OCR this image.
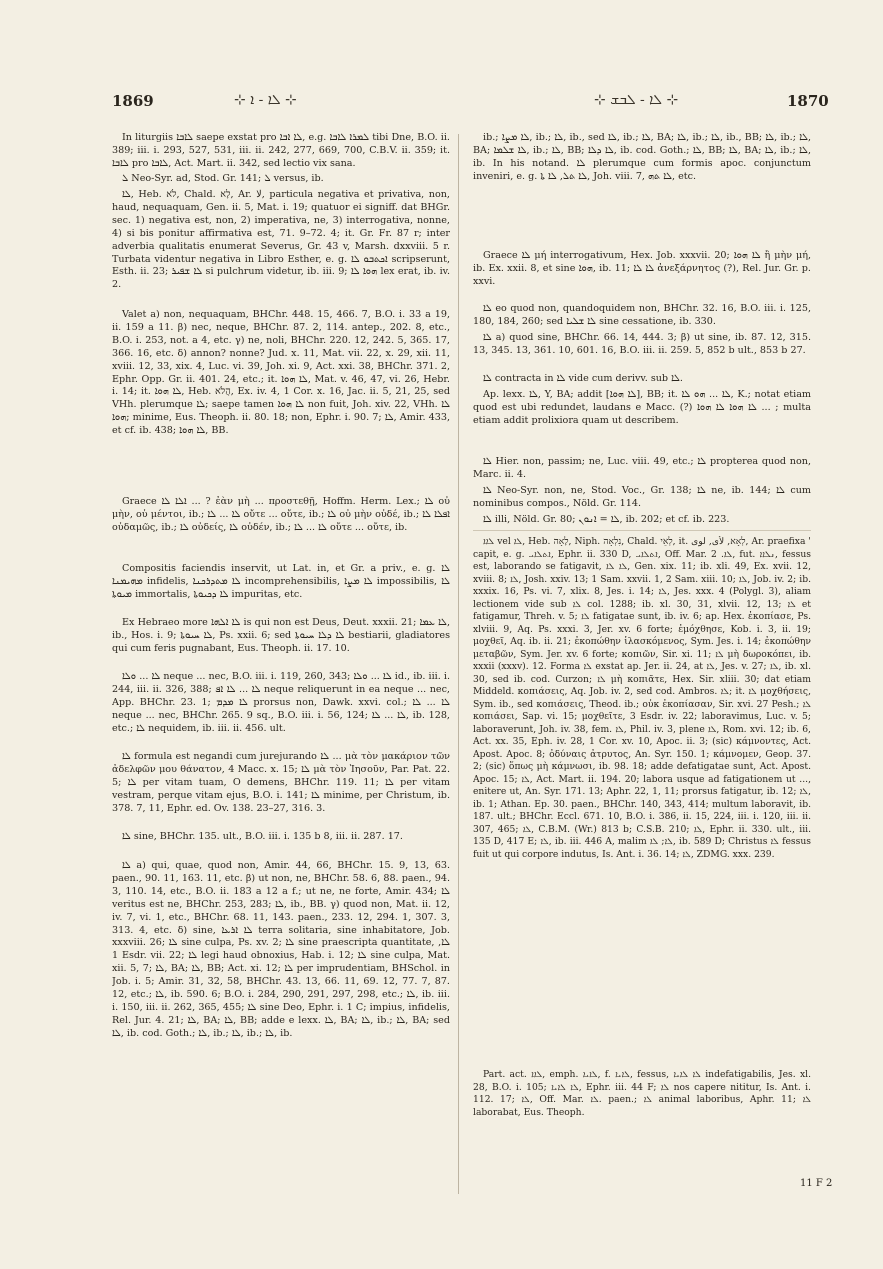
1869	⊹ ܠܐ - ܐ ⊹	⊹ ܠܐ - ܠܒܫ ⊹	1870

In liturgiis ܠܐܒܐ saepe exstat pro ܠܐ ܐܒܐ, e.g. ܠܡܪܐ ܠܐܒܐ tibi Dne, B.O. ii. 389; iii. i. 293, 527, 531, iii. ii. 242, 277, 669, 700, C.B.V. ii. 359; it. ܠܐܒܐ pro ܠܐܒܐ, Act. Mart. ii. 342, sed lectio vix sana.

ܠ Neo-Syr. ad, Stod. Gr. 141; ܠ versus, ib.

ܠܐ, Heb. לֹא, Chald. לָא, Ar. لا, particula negativa et privativa, non, haud, nequaquam, Gen. ii. 5, Mat. i. 19; quatuor ei signiff. dat BHGr. sec. 1) negativa est, non, 2) imperativa, ne, 3) interrogativa, nonne, 4) si bis ponitur affirmativa est, 71. 9–72. 4; it. Gr. Fr. 87 r; inter adverbia qualitatis enumerat Severus, Gr. 43 v, Marsh. dxxviii. 5 r. Turbata videntur negativa in Libro Esther, e. g. ܐܟܬܒܘ ܠܐ scripserunt, Esth. ii. 23; ܠܐ ܫܦܝܪ si pulchrum videtur, ib. iii. 9; ܗܘܐ ܠܐ lex erat, ib. iv. 2.

Valet a) non, nequaquam, BHChr. 448. 15, 466. 7, B.O. i. 33 a 19, ii. 159 a 11. β) nec, neque, BHChr. 87. 2, 114. antep., 202. 8, etc., B.O. i. 253, not. a 4, etc. γ) ne, noli, BHChr. 220. 12, 242. 5, 365. 17, 366. 16, etc. δ) annon? nonne? Jud. x. 11, Mat. vii. 22, x. 29, xii. 11, xviii. 12, 33, xix. 4, Luc. vi. 39, Joh. xi. 9, Act. xxi. 38, BHChr. 371. 2, Ephr. Opp. Gr. ii. 401. 24, etc.; it. ܠܐ ܗܘܐ, Mat. v. 46, 47, vi. 26, Hebr. i. 14; it. ܠܐ ܗܘܐ, Heb. הֲלֹא, Ex. iv. 4, 1 Cor. x. 16, Jac. ii. 5, 21, 25, sed VHh. plerumque ܠܐ; saepe tamen ܠܐ ܗܘܐ non fuit, Joh. xiv. 22, VHh. ܠܐ ܗܘܐ; minime, Eus. Theoph. ii. 80. 18; non, Ephr. i. 90. 7; ܠܐ, Amir. 433, et cf. ib. 438; ܠܐ ܗܘܐ, BB.

Graece ܐܠܐ ܠܐ ... ? ἐὰν μὴ ... προστεθῇ, Hoffm. Herm. Lex.; ܠܐ οὐ μὴν, οὐ μέντοι, ib.; ܠܐ ... ܠܐ οὔτε ... οὔτε, ib.; ܠܐ οὐ μὴν οὐδέ, ib.; ܐܦܠܐ ܠܐ οὐδαμῶς, ib.; ܠܐ οὐδείς, ܠܐ οὐδέν, ib.; ܠܐ ... ܠܐ οὔτε ... οὔτε, ib.

Compositis faciendis inservit, ut Lat. in, et Gr. a priv., e. g. ܠܐ ܡܗܝܡܢܐ infidelis, ܠܐ ܡܬܕܪܟܢܐ incomprehensibilis, ܠܐ ܡܨܐ impossibilis, ܠܐ ܡܝܘܬܐ immortalis, ܠܐ ܕܟܝܘܬܐ impuritas, etc.

Ex Hebraeo more ܠܐ ܐܠܗܐ is qui non est Deus, Deut. xxxii. 21; ܠܐ ܥܡܐ, ib., Hos. i. 9; ܠܐ ܚܝܘܬܐ, Ps. xxii. 6; sed ܠܐ ܕܠܐ ܚܝܘܬܐ bestiarii, gladiatores qui cum feris pugnabant, Eus. Theoph. ii. 17. 10.

ܠܐ ... ܘܠܐ neque ... nec, B.O. iii. i. 119, 260, 343; ܠܐ ... ܘܠܐ id., ib. iii. i. 244, iii. ii. 326, 388; ܠܐ ... ܠܐ ܐܦ neque reliquerunt in ea neque ... nec, App. BHChr. 23. 1; ܠܐ ܡܕܡ prorsus non, Dawk. xxvi. col.; ܠܐ ... ܠܐ neque ... nec, BHChr. 265. 9 sq., B.O. iii. i. 56, 124; ܠܐ ... ܠܐ, ib. 128, etc.; ܠܐ nequidem, ib. iii. ii. 456. ult.

ܠܐ formula est negandi cum jurejurando ܠܐ ... μὰ τὸν μακάριον τῶν ἀδελφῶν μου θάνατον, 4 Macc. x. 15; ܠܐ μὰ τὸν Ἰησοῦν, Par. Pat. 22. 5; ܠܐ per vitam tuam, O demens, BHChr. 119. 11; ܠܐ per vitam vestram, perque vitam ejus, B.O. i. 141; ܠܐ minime, per Christum, ib. 378. 7, 11, Ephr. ed. Ov. 138. 23–27, 316. 3.

ܠܐ sine, BHChr. 135. ult., B.O. iii. i. 135 b 8, iii. ii. 287. 17.

ܠܐ a) qui, quae, quod non, Amir. 44, 66, BHChr. 15. 9, 13, 63. paen., 90. 11, 163. 11, etc. β) ut non, ne, BHChr. 58. 6, 88. paen., 94. 3, 110. 14, etc., B.O. ii. 183 a 12 a f.; ut ne, ne forte, Amir. 434; ܠܐ veritus est ne, BHChr. 253, 283; ܠܐ, ib., BB. γ) quod non, Mat. ii. 12, iv. 7, vi. 1, etc., BHChr. 68. 11, 143. paen., 233. 12, 294. 1, 307. 3, 313. 4, etc. δ) sine, ܠܐ ܐܪܥܐ terra solitaria, sine inhabitatore, Job. xxxviii. 26; ܠܐ sine culpa, Ps. xv. 2; ܠܐ sine praescripta quantitate, ܠܐ, 1 Esdr. vii. 22; ܠܐ legi haud obnoxius, Hab. i. 12; ܠܐ sine culpa, Mat. xii. 5, 7; ܠܐ, BA; ܠܐ, BB; Act. xi. 12; ܠܐ per imprudentiam, BHSchol. in Job. i. 5; Amir. 31, 32, 58, BHChr. 43. 13, 66. 11, 69. 12, 77. 7, 87. 12, etc.; ܠܐ, ib. 590. 6; B.O. i. 284, 290, 291, 297, 298, etc.; ܠܐ, ib. iii. i. 150, iii. ii. 262, 365, 455; ܠܐ sine Deo, Ephr. i. 1 C; impius, infidelis, Rel. Jur. 4. 21; ܠܐ, BA; ܠܐ, BB; adde e lexx. ܠܐ, BA; ܠܐ, ib.; ܠܐ, BA; sed ܠܐ, ib. cod. Goth.; ܠܐ, ib.; ܠܐ, ib.; ܠܐ, ib.

ib.; ܠܐ ܡܨܐ, ib.; ܠܐ, ib., sed ܠܐ, ib.; ܠܐ, BA; ܠܐ, ib.; ܠܐ, ib., BB; ܠܐ, ib.; ܠܐ, BA; ܠܐ ܫܠܡܐ, ib.; ܠܐ, BB; ܠܐ ܕܠܐ, ib. cod. Goth.; ܠܐ, BB; ܠܐ, BA; ܠܐ, ib.; ܠܐ, ib. In his notand. ܠܐ plerumque cum formis apoc. conjunctum inveniri, e. g. ܠܐ ܬܠ, ܠܐ ܬܐ, Joh. viii. 7, ܠܐ ܬܗ, etc.

Graece ܠܐ μή interrogativum, Hex. Job. xxxvii. 20; ܠܐ ܗܘܐ ἢ μὴν μή, ib. Ex. xxii. 8, et sine ܗܘܐ, ib. 11; ܠܐ ܠܐ ἀνεξάρνητος (?), Rel. Jur. Gr. p. xxvi.

ܠܐ eo quod non, quandoquidem non, BHChr. 32. 16, B.O. iii. i. 125, 180, 184, 260; sed ܠܐ ܫܠܝܐ sine cessatione, ib. 330.

ܠܐ a) quod sine, BHChr. 66. 14, 444. 3; β) ut sine, ib. 87. 12, 315. 13, 345. 13, 361. 10, 601. 16, B.O. iii. ii. 259. 5, 852 b ult., 853 b 27.

ܠܐ contracta in ܠܐ vide cum derivv. sub ܠܐ.

Ap. lexx. ܠܐ, Y, BA; addit [ܠܐ ܗܘܐ], BB; it. ܠܐ ... ܗܘ ܠܐ, K.; notat etiam quod est ubi redundet, laudans e Macc. (?) ܠܐ ܗܘܐ ܠܐ ܗܘܐ ... ; multa etiam addit prolixiora quam ut describem.

ܠܐ Hier. non, passim; ne, Luc. viii. 49, etc.; ܠܐ propterea quod non, Marc. ii. 4.

ܠܐ Neo-Syr. non, ne, Stod. Voc., Gr. 138; ܠܐ ne, ib. 144; ܠܐ cum nominibus compos., Nöld. Gr. 114.

ܠܐ illi, Nöld. Gr. 80; ܠܐ = ܐܢܘܢ, ib. 202; et cf. ib. 223.

ܠܐܐ vel ܠܐ, Heb. לָאָה, Niph. נִלְאָה, Chald. לְאֵי, it. לְאָא, لأى, لوى, Ar. praefixa ' capit, e. g. ܐܬܠܐܝ, Ephr. ii. 330 D, ܐܬܠܐܝ, Off. Mar. ܠܐ. 2, fut. ܢܠܐܐ, fessus est, laborando se fatigavit, ܠܐ ܠܐ, Gen. xix. 11; ib. xli. 49, Ex. xvii. 12, xviii. 8; ܠܐ, Josh. xxiv. 13; 1 Sam. xxvii. 1, 2 Sam. xiii. 10; ܠܐ, Job. iv. 2; ib. xxxix. 16, Ps. vi. 7, xlix. 8, Jes. i. 14; ܠܐ, Jes. xxx. 4 (Polygl. 3), aliam lectionem vide sub ܠܐ col. 1288; ib. xl. 30, 31, xlvii. 12, 13; ܠܐ et fatigamur, Threh. v. 5; ܠܐ fatigatae sunt, ib. iv. 6; ap. Hex. ἐκοπίασε, Ps. xlviii. 9, Aq. Ps. xxxi. 3, Jer. xv. 6 forte; ἐμόχθησε, Kob. i. 3, ii. 19; μοχθεῖ, Aq. ib. ii. 21; ἐκοπώθην ἱλασκόμενος, Sym. Jes. i. 14; ἐκοπώθην μεταβῶν, Sym. Jer. xv. 6 forte; κοπιῶν, Sir. xi. 11; ܠܐ μὴ δωροκόπει, ib. xxxii (xxxv). 12. Forma ܠܐ exstat ap. Jer. ii. 24, at ܠܐ, Jes. v. 27; ܠܐ, ib. xl. 30, sed ib. cod. Curzon; ܠܐ μὴ κοπιᾶτε, Hex. Sir. xliii. 30; dat etiam Middeld. κοπιάσεις, Aq. Job. iv. 2, sed cod. Ambros. ܠܐ; it. ܠܐ μοχθήσεις, Sym. ib., sed κοπιάσεις, Theod. ib.; οὐκ ἐκοπίασαν, Sir. xvi. 27 Pesh.; ܠܐ κοπιάσει, Sap. vi. 15; μοχθεῖτε, 3 Esdr. iv. 22; laboravimus, Luc. v. 5; laboraverunt, Joh. iv. 38, fem. ܠܐ, Phil. iv. 3, plene ܠܐ, Rom. xvi. 12; ib. 6, Act. xx. 35, Eph. iv. 28, 1 Cor. xv. 10, Apoc. ii. 3; (sic) κάμνοντες, Act. Apost. Apoc. 8; ὀδύναις ἀτρυτος, An. Syr. 150. 1; κάμνομεν, Geop. 37. 2; (sic) ὅπως μὴ κάμνωσι, ib. 98. 18; adde defatigatae sunt, Act. Apost. Apoc. 15; ܠܐ, Act. Mart. ii. 194. 20; labora usque ad fatigationem ut ..., enitere ut, An. Syr. 171. 13; Aphr. 22, 1, 11; prorsus fatigatur, ib. 12; ܠܐ, ib. 1; Athan. Ep. 30. paen., BHChr. 140, 343, 414; multum laboravit, ib. 187. ult.; BHChr. Eccl. 671. 10, B.O. i. 386, ii. 15, 224, iii. i. 120, iii. ii. 307, 465; ܠܐ, C.B.M. (Wr.) 813 b; C.S.B. 210; ܠܐ, Ephr. ii. 330. ult., iii. 135 D, 417 E; ܠܐ, ib. iii. 446 A, malim ܠܐ; ܠܐ, ib. 589 D; Christus ܠܐ fessus fuit ut qui corpore indutus, Is. Ant. i. 36. 14; ܠܐ, ZDMG. xxx. 239.

Part. act. ܠܐܐ, emph. ܠܐܝܐ, f. ܠܐܝܐ, fessus, ܠܐ ܠܐܝܐ indefatigabilis, Jes. xl. 28, B.O. i. 105; ܠܐ ܠܐܝܐ, Ephr. iii. 44 F; ܠܐ nos capere nititur, Is. Ant. i. 112. 17; ܠܐ, Off. Mar. ܠܐ. paen.; ܠܐ animal laboribus, Aphr. 11; ܠܐ laborabat, Eus. Theoph.

11 F 2
